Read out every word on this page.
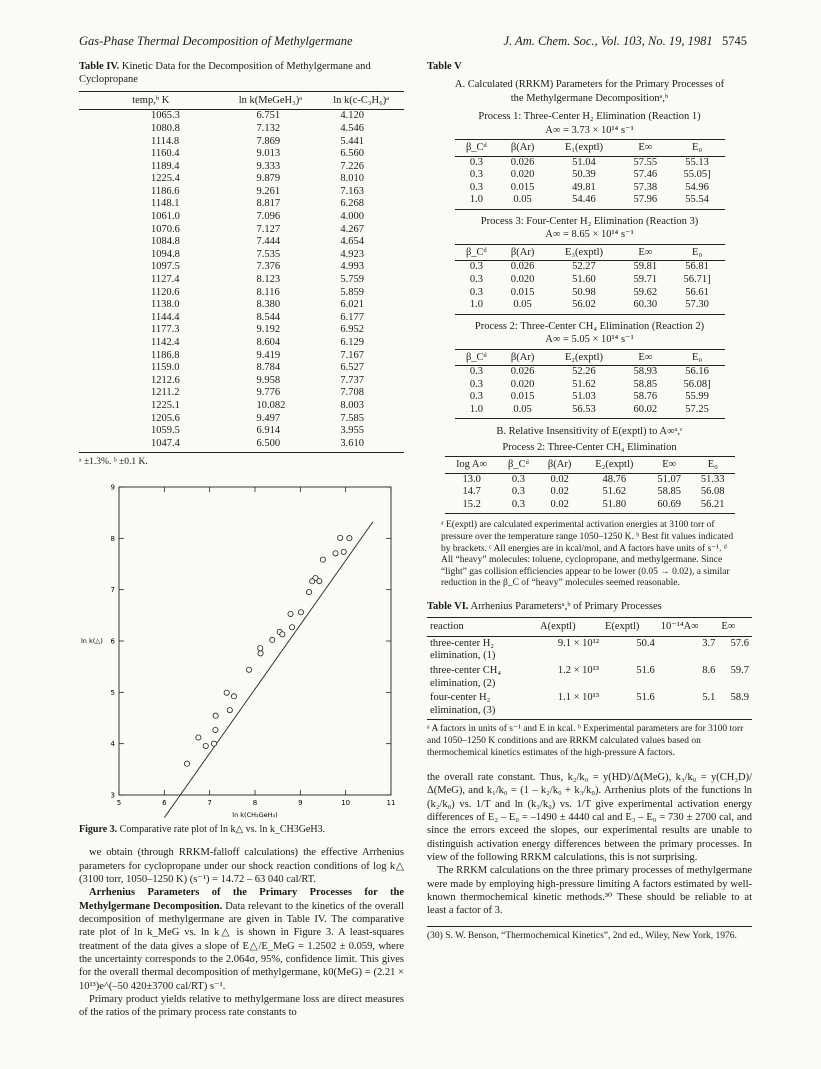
Gas-Phase Thermal Decomposition of Methylgermane	J. Am. Chem. Soc., Vol. 103, No. 19, 1981 5745
Table IV. Kinetic Data for the Decomposition of Methylgermane and Cyclopropane
temp,ᵇ K	ln k(MeGeH₃)ᵃ	ln k(c-C₃H₆)ᵃ
1065.3	6.751	4.120
1080.8	7.132	4.546
1114.8	7.869	5.441
1160.4	9.013	6.560
1189.4	9.333	7.226
1225.4	9.879	8.010
1186.6	9.261	7.163
1148.1	8.817	6.268
1061.0	7.096	4.000
1070.6	7.127	4.267
1084.8	7.444	4.654
1094.8	7.535	4.923
1097.5	7.376	4.993
1127.4	8.123	5.759
1120.6	8.116	5.859
1138.0	8.380	6.021
1144.4	8.544	6.177
1177.3	9.192	6.952
1142.4	8.604	6.129
1186.8	9.419	7.167
1159.0	8.784	6.527
1212.6	9.958	7.737
1211.2	9.776	7.708
1225.1	10.082	8.003
1205.6	9.497	7.585
1059.5	6.914	3.955
1047.4	6.500	3.610
ᵃ ±1.3%. ᵇ ±0.1 K.
5	6	7	8	9	10	11
3
4
5
6
7
8
9
ln k(△)
ln k(CH₃GeH₃)
Figure 3. Comparative rate plot of ln k△ vs. ln k_CH3GeH3.

we obtain (through RRKM-falloff calculations) the effective Arrhenius parameters for cyclopropane under our shock reaction conditions of log k△ (3100 torr, 1050–1250 K) (s⁻¹) = 14.72 – 63 040 cal/RT.

Arrhenius Parameters of the Primary Processes for the Methylgermane Decomposition. Data relevant to the kinetics of the overall decomposition of methylgermane are given in Table IV. The comparative rate plot of ln k_MeG vs. ln k△ is shown in Figure 3. A least-squares treatment of the data gives a slope of E△/E_MeG = 1.2502 ± 0.059, where the uncertainty corresponds to the 2.064σ, 95%, confidence limit. This gives for the overall thermal decomposition of methylgermane, k0(MeG) = (2.21 × 10¹³)e^(–50 420±3700 cal/RT) s⁻¹.

Primary product yields relative to methylgermane loss are direct measures of the ratios of the primary process rate constants to

Table V
A. Calculated (RRKM) Parameters for the Primary Processes of the Methylgermane Decompositionᵃ,ᵇ
Process 1: Three-Center H₂ Elimination (Reaction 1)
A∞ = 3.73 × 10¹⁴ s⁻¹
β_Cᵈ	β(Ar)	E₁(exptl)	E∞	E₀
0.3	0.026	51.04	57.55	55.13
0.3	0.020	50.39	57.46	55.05]
0.3	0.015	49.81	57.38	54.96
1.0	0.05	54.46	57.96	55.54
Process 3: Four-Center H₂ Elimination (Reaction 3)
A∞ = 8.65 × 10¹⁴ s⁻¹
β_Cᵈ	β(Ar)	E₃(exptl)	E∞	E₀
0.3	0.026	52.27	59.81	56.81
0.3	0.020	51.60	59.71	56.71]
0.3	0.015	50.98	59.62	56.61
1.0	0.05	56.02	60.30	57.30
Process 2: Three-Center CH₄ Elimination (Reaction 2)
A∞ = 5.05 × 10¹⁴ s⁻¹
β_Cᵈ	β(Ar)	E₂(exptl)	E∞	E₀
0.3	0.026	52.26	58.93	56.16
0.3	0.020	51.62	58.85	56.08]
0.3	0.015	51.03	58.76	55.99
1.0	0.05	56.53	60.02	57.25
B. Relative Insensitivity of E(exptl) to A∞ᵃ,ᶜ
Process 2: Three-Center CH₄ Elimination
log A∞	β_Cᵈ	β(Ar)	E₂(exptl)	E∞	E₀
13.0	0.3	0.02	48.76	51.07	51.33
14.7	0.3	0.02	51.62	58.85	56.08
15.2	0.3	0.02	51.80	60.69	56.21
ᵃ E(exptl) are calculated experimental activation energies at 3100 torr of pressure over the temperature range 1050–1250 K. ᵇ Best fit values indicated by brackets. ᶜ All energies are in kcal/mol, and A factors have units of s⁻¹. ᵈ All “heavy” molecules: toluene, cyclopropane, and methylgermane. Since “light” gas collision efficiencies appear to be lower (0.05 → 0.02), a similar reduction in the β_C of “heavy” molecules seemed reasonable.
Table VI. Arrhenius Parametersᵃ,ᵇ of Primary Processes
reaction	A(exptl)	E(exptl)	10⁻¹⁴A∞	E∞
three-center H₂ elimination, (1)	9.1 × 10¹²	50.4	3.7	57.6
three-center CH₄ elimination, (2)	1.2 × 10¹³	51.6	8.6	59.7
four-center H₂ elimination, (3)	1.1 × 10¹³	51.6	5.1	58.9
ᵃ A factors in units of s⁻¹ and E in kcal. ᵇ Experimental parameters are for 3100 torr and 1050–1250 K conditions and are RRKM calculated values based on thermochemical kinetics estimates of the high-pressure A factors.

the overall rate constant. Thus, k₂/k₀ = y(HD)/Δ(MeG), k₃/k₀ = y(CH₃D)/Δ(MeG), and k₁/k₀ = (1 – k₂/k₀ + k₃/k₀). Arrhenius plots of the functions ln (k₂/k₀) vs. 1/T and ln (k₃/k₀) vs. 1/T give experimental activation energy differences of E₂ – E₀ = –1490 ± 4440 cal and E₃ – E₀ = 730 ± 2700 cal, and since the errors exceed the slopes, our experimental results are unable to distinguish activation energy differences between the primary processes. In view of the following RRKM calculations, this is not surprising.

The RRKM calculations on the three primary processes of methylgermane were made by employing high-pressure limiting A factors estimated by well-known thermochemical kinetic methods.³⁰ These should be reliable to at least a factor of 3.

(30) S. W. Benson, “Thermochemical Kinetics”, 2nd ed., Wiley, New York, 1976.
